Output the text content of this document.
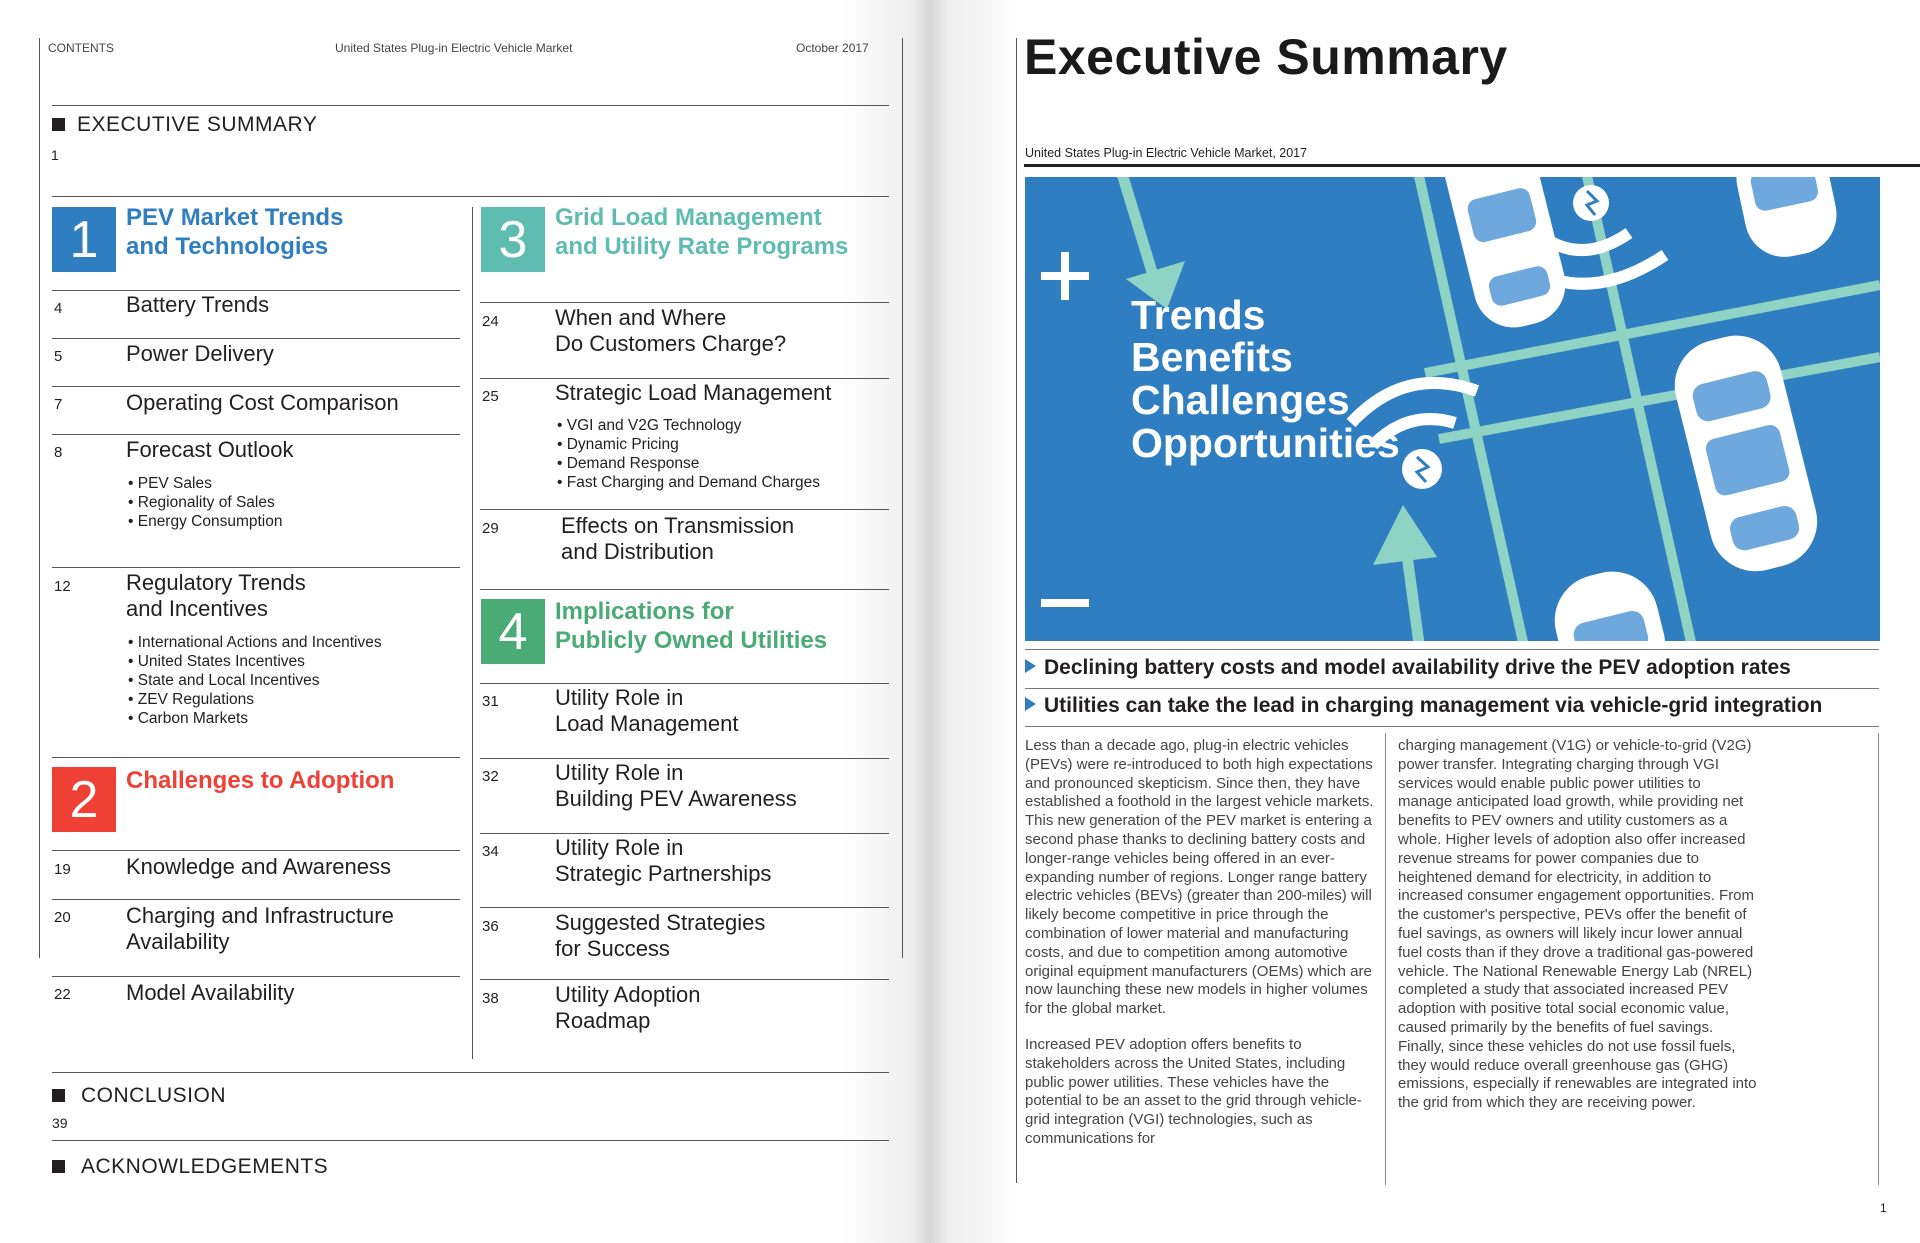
CONTENTS	United States Plug-in Electric Vehicle Market	October 2017
EXECUTIVE SUMMARY
1
1 PEV Market Trends
and Technologies
4	Battery Trends
5	Power Delivery
7	Operating Cost Comparison
8	Forecast Outlook
• PEV Sales
• Regionality of Sales
• Energy Consumption
12	Regulatory Trends
and Incentives
• International Actions and Incentives
• United States Incentives
• State and Local Incentives
• ZEV Regulations
• Carbon Markets
2 Challenges to Adoption
19	Knowledge and Awareness
20	Charging and Infrastructure
Availability
22	Model Availability
3 Grid Load Management
and Utility Rate Programs
24	When and Where
Do Customers Charge?
25	Strategic Load Management
• VGI and V2G Technology
• Dynamic Pricing
• Demand Response
• Fast Charging and Demand Charges
29	Effects on Transmission
and Distribution
4 Implications for
Publicly Owned Utilities
31	Utility Role in
Load Management
32	Utility Role in
Building PEV Awareness
34	Utility Role in
Strategic Partnerships
36	Suggested Strategies
for Success
38	Utility Adoption
Roadmap
CONCLUSION
39
ACKNOWLEDGEMENTS
Executive Summary
United States Plug-in Electric Vehicle Market, 2017
Trends
Benefits
Challenges
Opportunities
Declining battery costs and model availability drive the PEV adoption rates
Utilities can take the lead in charging management via vehicle-grid integration

Less than a decade ago, plug-in electric vehicles (PEVs) were re-introduced to both high expectations and pronounced skepticism. Since then, they have established a foothold in the largest vehicle markets. This new generation of the PEV market is entering a second phase thanks to declining battery costs and longer-range vehicles being offered in an ever-expanding number of regions. Longer range battery electric vehicles (BEVs) (greater than 200-miles) will likely become competitive in price through the combination of lower material and manufacturing costs, and due to competition among automotive original equipment manufacturers (OEMs) which are now launching these new models in higher volumes for the global market.

Increased PEV adoption offers benefits to stakeholders across the United States, including public power utilities. These vehicles have the potential to be an asset to the grid through vehicle-grid integration (VGI) technologies, such as communications for

charging management (V1G) or vehicle-to-grid (V2G) power transfer. Integrating charging through VGI services would enable public power utilities to manage anticipated load growth, while providing net benefits to PEV owners and utility customers as a whole. Higher levels of adoption also offer increased revenue streams for power companies due to heightened demand for electricity, in addition to increased consumer engagement opportunities. From the customer's perspective, PEVs offer the benefit of fuel savings, as owners will likely incur lower annual fuel costs than if they drove a traditional gas-powered vehicle. The National Renewable Energy Lab (NREL) completed a study that associated increased PEV adoption with positive total social economic value, caused primarily by the benefits of fuel savings. Finally, since these vehicles do not use fossil fuels, they would reduce overall greenhouse gas (GHG) emissions, especially if renewables are integrated into the grid from which they are receiving power.

1
